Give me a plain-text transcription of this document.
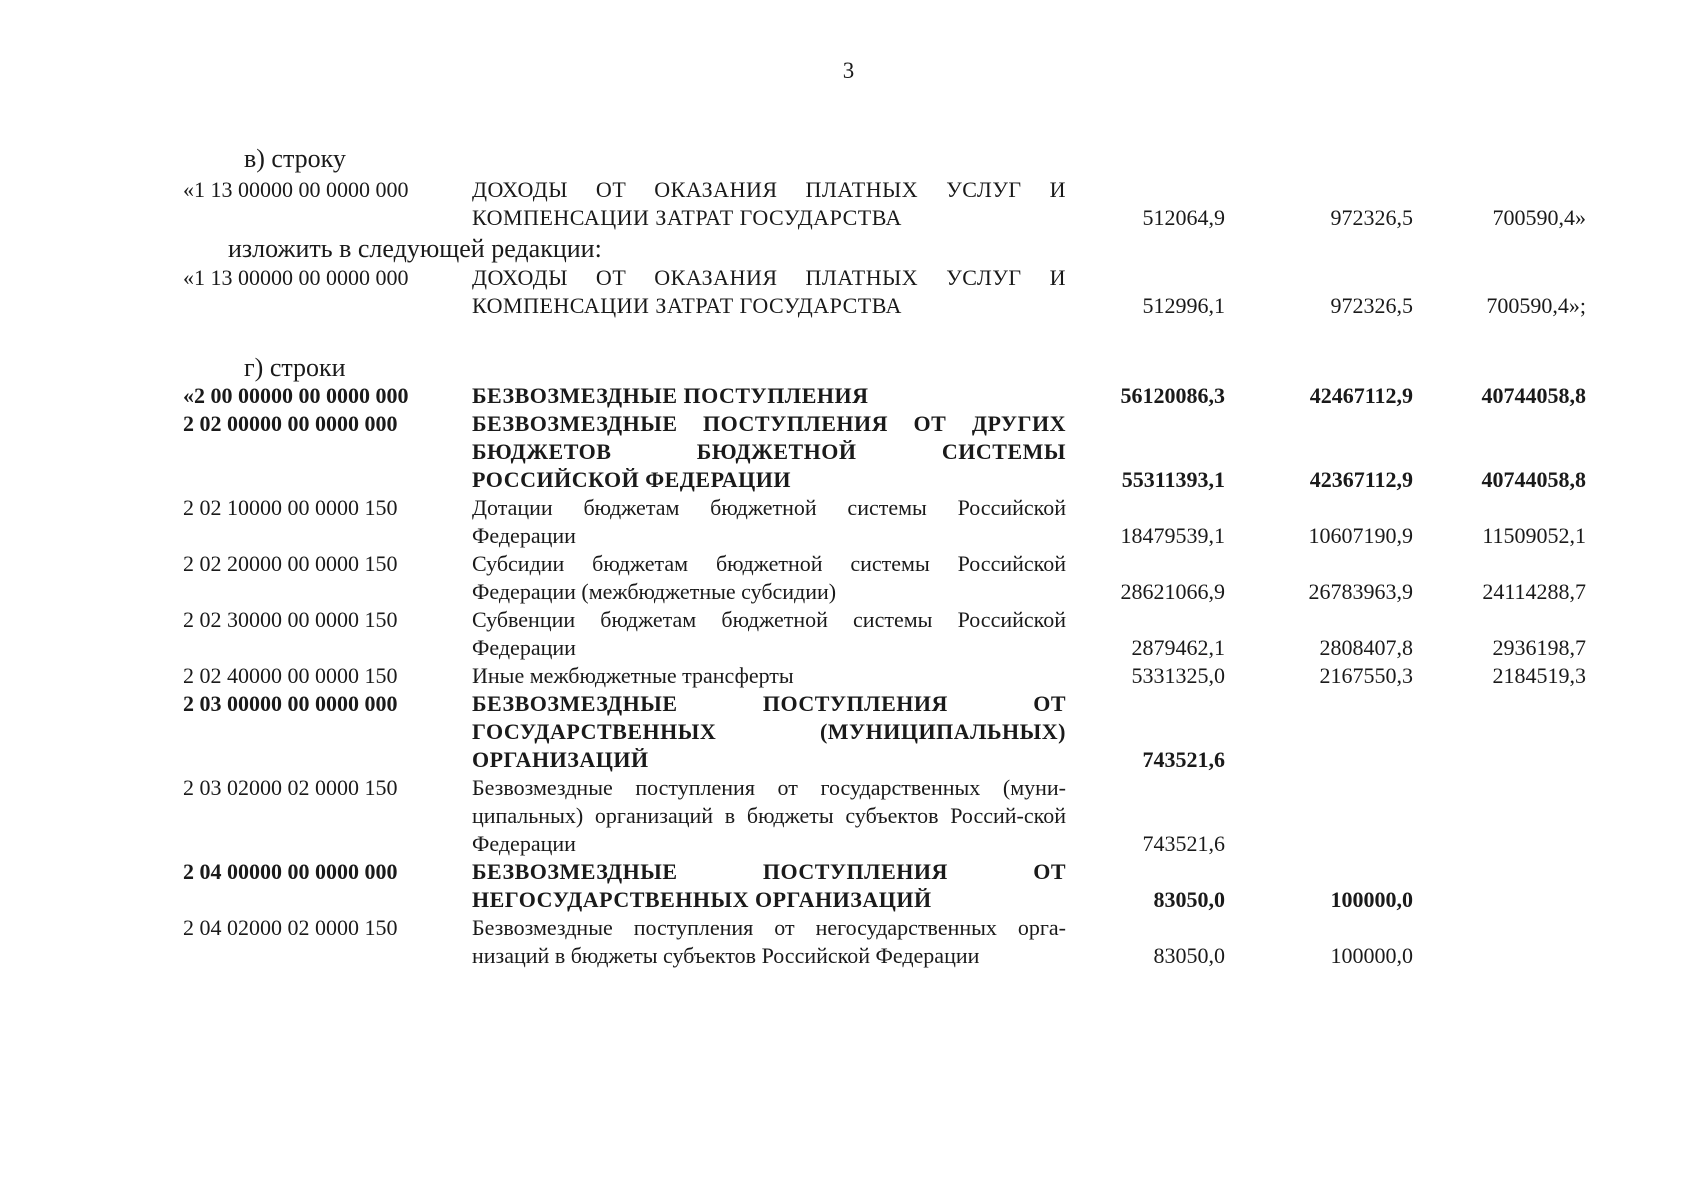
3
в) строку
«1 13 00000 00 0000 000	ДОХОДЫ ОТ ОКАЗАНИЯ ПЛАТНЫХ УСЛУГ И КОМПЕНСАЦИИ ЗАТРАТ ГОСУДАРСТВА	512064,9	972326,5	700590,4»
изложить в следующей редакции:
«1 13 00000 00 0000 000	ДОХОДЫ ОТ ОКАЗАНИЯ ПЛАТНЫХ УСЛУГ И КОМПЕНСАЦИИ ЗАТРАТ ГОСУДАРСТВА	512996,1	972326,5	700590,4»;
г) строки
«2 00 00000 00 0000 000	БЕЗВОЗМЕЗДНЫЕ ПОСТУПЛЕНИЯ	56120086,3	42467112,9	40744058,8
2 02 00000 00 0000 000	БЕЗВОЗМЕЗДНЫЕ ПОСТУПЛЕНИЯ ОТ ДРУГИХ БЮДЖЕТОВ БЮДЖЕТНОЙ СИСТЕМЫ РОССИЙСКОЙ ФЕДЕРАЦИИ	55311393,1	42367112,9	40744058,8
2 02 10000 00 0000 150	Дотации бюджетам бюджетной системы Российской Федерации	18479539,1	10607190,9	11509052,1
2 02 20000 00 0000 150	Субсидии бюджетам бюджетной системы Российской Федерации (межбюджетные субсидии)	28621066,9	26783963,9	24114288,7
2 02 30000 00 0000 150	Субвенции бюджетам бюджетной системы Российской Федерации	2879462,1	2808407,8	2936198,7
2 02 40000 00 0000 150	Иные межбюджетные трансферты	5331325,0	2167550,3	2184519,3
2 03 00000 00 0000 000	БЕЗВОЗМЕЗДНЫЕ ПОСТУПЛЕНИЯ ОТ ГОСУДАРСТВЕННЫХ (МУНИЦИПАЛЬНЫХ) ОРГАНИЗАЦИЙ	743521,6
2 03 02000 02 0000 150	Безвозмездные поступления от государственных (муни-ципальных) организаций в бюджеты субъектов Россий-ской Федерации	743521,6
2 04 00000 00 0000 000	БЕЗВОЗМЕЗДНЫЕ ПОСТУПЛЕНИЯ ОТ НЕГОСУДАРСТВЕННЫХ ОРГАНИЗАЦИЙ	83050,0	100000,0
2 04 02000 02 0000 150	Безвозмездные поступления от негосударственных орга-низаций в бюджеты субъектов Российской Федерации	83050,0	100000,0
